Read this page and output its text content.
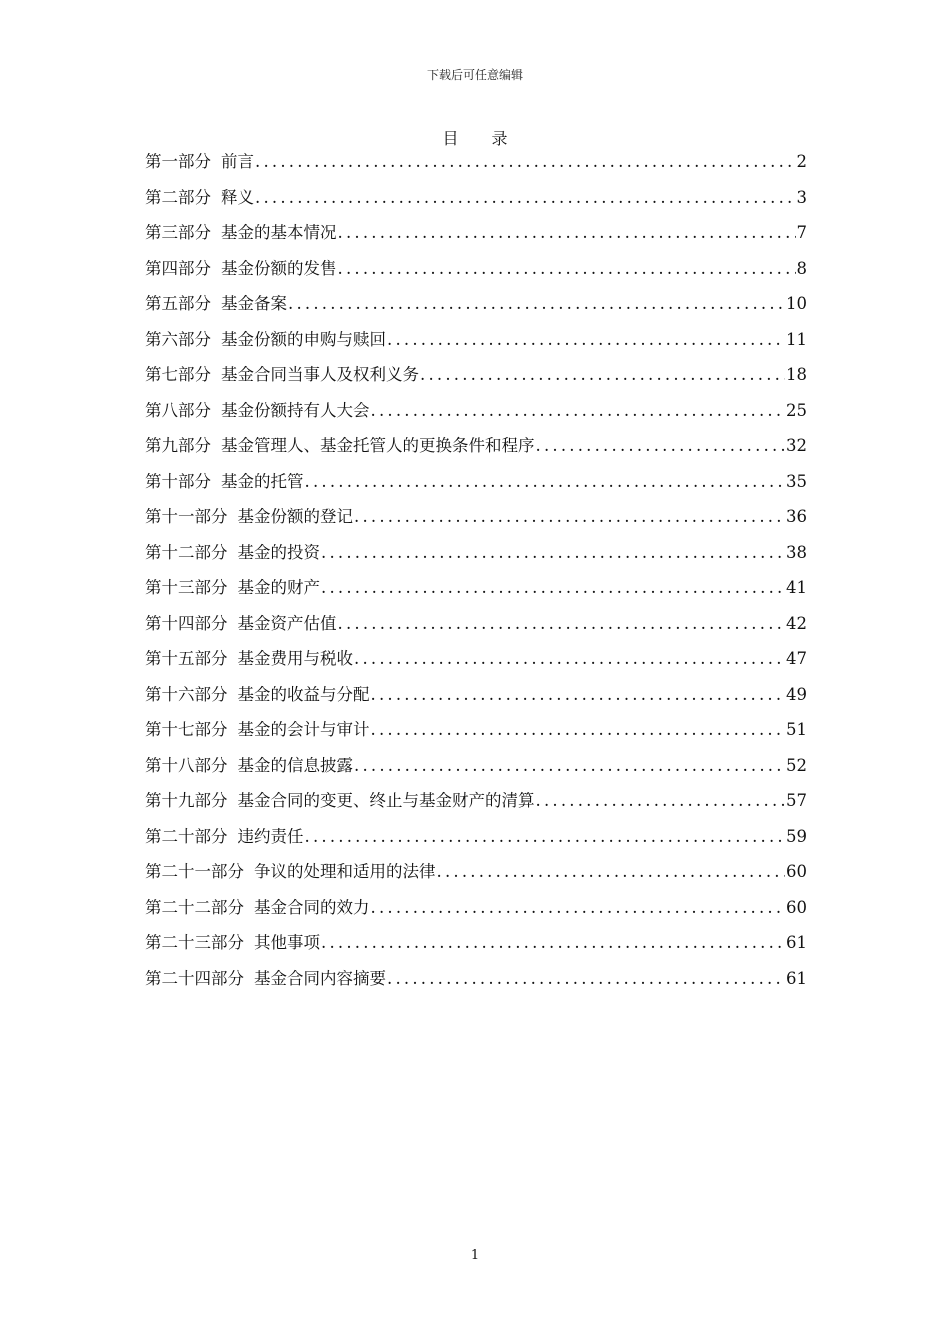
下载后可任意编辑
目 录
第一部分 前言 .....	2
第二部分 释义 .....	3
第三部分 基金的基本情况 .....	7
第四部分 基金份额的发售 .....	8
第五部分 基金备案 .....	10
第六部分 基金份额的申购与赎回 .....	11
第七部分 基金合同当事人及权利义务 .....	18
第八部分 基金份额持有人大会 .....	25
第九部分 基金管理人、基金托管人的更换条件和程序 .....	32
第十部分 基金的托管 .....	35
第十一部分 基金份额的登记 .....	36
第十二部分 基金的投资 .....	38
第十三部分 基金的财产 .....	41
第十四部分 基金资产估值 .....	42
第十五部分 基金费用与税收 .....	47
第十六部分 基金的收益与分配 .....	49
第十七部分 基金的会计与审计 .....	51
第十八部分 基金的信息披露 .....	52
第十九部分 基金合同的变更、终止与基金财产的清算 .....	57
第二十部分 违约责任 .....	59
第二十一部分 争议的处理和适用的法律 .....	60
第二十二部分 基金合同的效力 .....	60
第二十三部分 其他事项 .....	61
第二十四部分 基金合同内容摘要 .....	61
1
